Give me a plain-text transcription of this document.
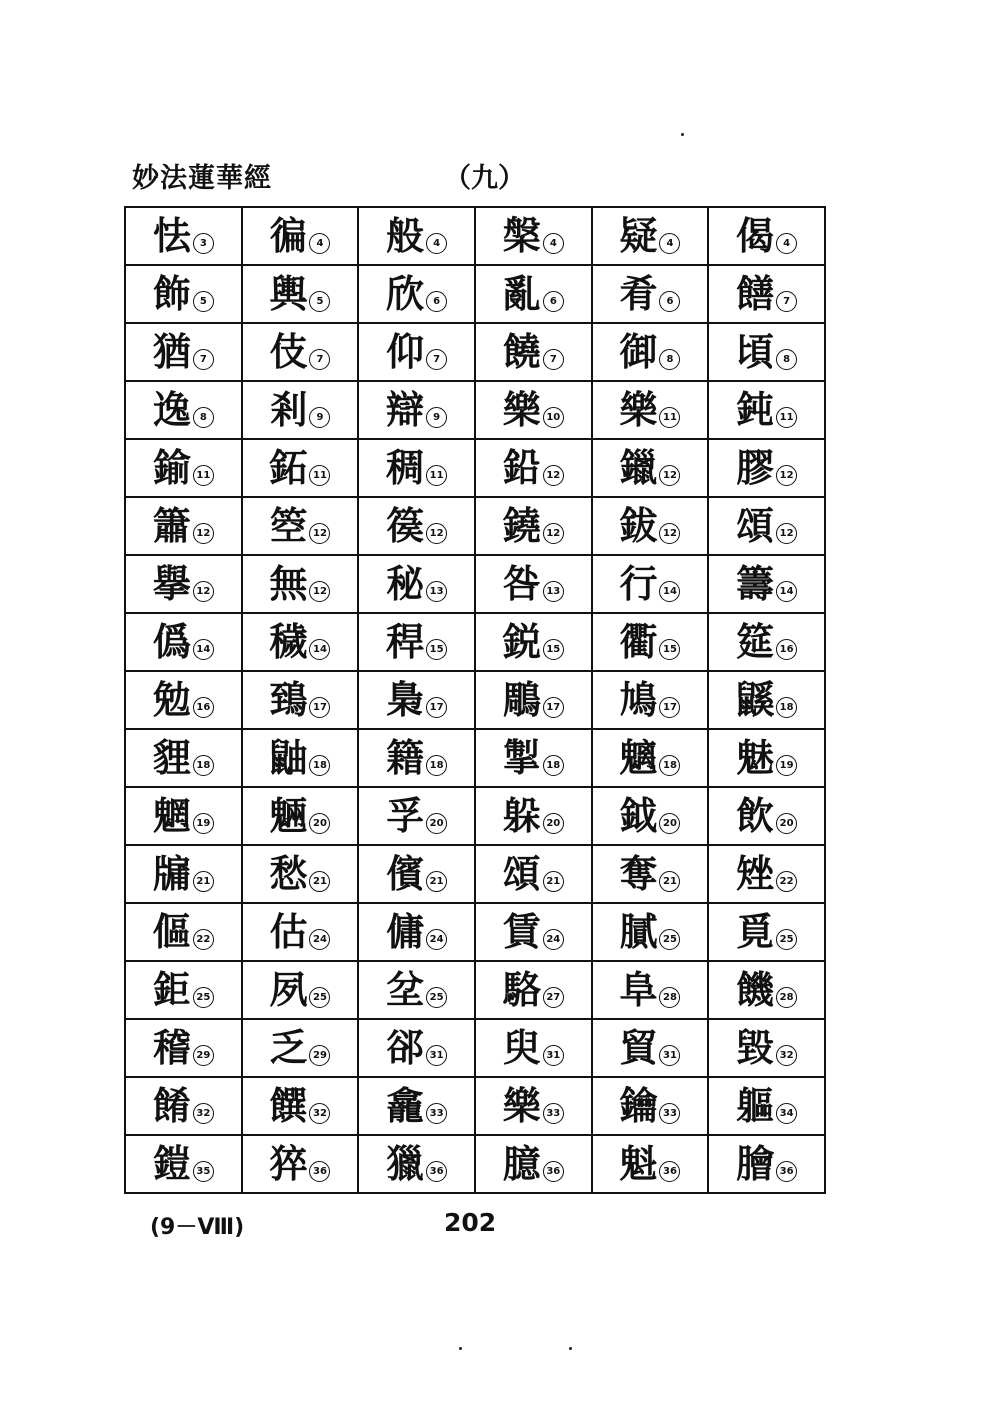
妙法蓮華經	（九）
怯 3	徧 4	般 4	槃 4	疑 4	偈 4

飾 5	輿 5	欣 6	亂 6	肴 6	饍 7

猶 7	伎 7	仰 7	饒 7	御 8	頃 8

逸 8	剎 9	辯 9	樂 10	樂 11	鈍 11

鍮 11	鉐 11	稠 11	鉛 12	鑞 12	膠 12

簫 12	箜 12	篌 12	鐃 12	鈸 12	頌 12

擧 12	無 12	秘 13	咎 13	行 14	籌 14

僞 14	穢 14	稈 15	鋭 15	衢 15	筵 16

勉 16	鵄 17	梟 17	鵰 17	鳩 17	鼷 18

貍 18	鼬 18	籍 18	掣 18	魑 18	魅 19

魍 19	魎 20	孚 20	躲 20	鉞 20	飲 20

牖 21	愁 21	儐 21	頌 21	奪 21	矬 22

傴 22	估 24	傭 24	賃 24	膩 25	覓 25

鉅 25	夙 25	坌 25	駱 27	阜 28	饑 28

稽 29	乏 29	郤 31	臾 31	貿 31	毀 32

餚 32	饌 32	龕 33	樂 33	鑰 33	軀 34

鎧 35	猝 36	獵 36	臆 36	魁 36	膾 36
(9－Ⅷ)	202
